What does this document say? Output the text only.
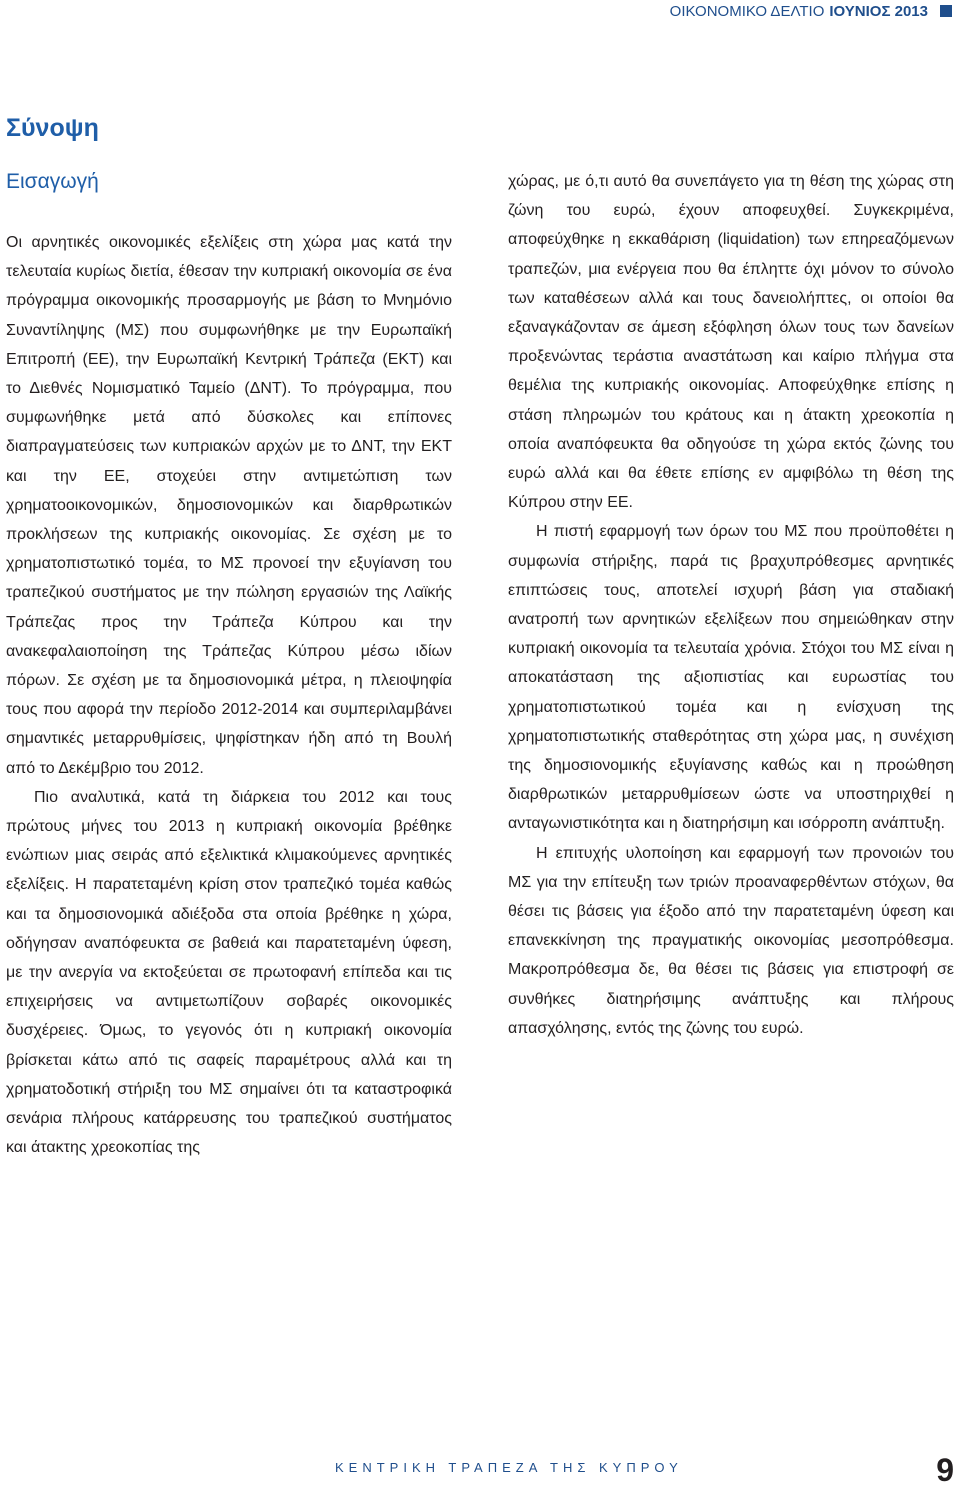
ΟΙΚΟΝΟΜΙΚΟ ΔΕΛΤΙΟ ΙΟΥΝΙΟΣ 2013
Σύνοψη
Εισαγωγή

Οι αρνητικές οικονομικές εξελίξεις στη χώρα μας κατά την τελευταία κυρίως διετία, έθεσαν την κυπριακή οικονομία σε ένα πρόγραμμα οικονομικής προσαρμογής με βάση το Μνημόνιο Συναντίληψης (ΜΣ) που συμφωνήθηκε με την Ευρωπαϊκή Επιτροπή (ΕΕ), την Ευρωπαϊκή Κεντρική Τράπεζα (ΕΚΤ) και το Διεθνές Νομισματικό Ταμείο (ΔΝΤ). Το πρόγραμμα, που συμφωνήθηκε μετά από δύσκολες και επίπονες διαπραγματεύσεις των κυπριακών αρχών με το ΔΝΤ, την ΕΚΤ και την ΕΕ, στοχεύει στην αντιμετώπιση των χρηματοοικονομικών, δημοσιονομικών και διαρθρωτικών προκλήσεων της κυπριακής οικονομίας. Σε σχέση με το χρηματοπιστωτικό τομέα, το ΜΣ προνοεί την εξυγίανση του τραπεζικού συστήματος με την πώληση εργασιών της Λαϊκής Τράπεζας προς την Τράπεζα Κύπρου και την ανακεφαλαιοποίηση της Τράπεζας Κύπρου μέσω ιδίων πόρων. Σε σχέση με τα δημοσιονομικά μέτρα, η πλειοψηφία τους που αφορά την περίοδο 2012-2014 και συμπεριλαμβάνει σημαντικές μεταρρυθμίσεις, ψηφίστηκαν ήδη από τη Βουλή από το Δεκέμβριο του 2012.

Πιο αναλυτικά, κατά τη διάρκεια του 2012 και τους πρώτους μήνες του 2013 η κυπριακή οικονομία βρέθηκε ενώπιων μιας σειράς από εξελικτικά κλιμακούμενες αρνητικές εξελίξεις. Η παρατεταμένη κρίση στον τραπεζικό τομέα καθώς και τα δημοσιονομικά αδιέξοδα στα οποία βρέθηκε η χώρα, οδήγησαν αναπόφευκτα σε βαθειά και παρατεταμένη ύφεση, με την ανεργία να εκτοξεύεται σε πρωτοφανή επίπεδα και τις επιχειρήσεις να αντιμετωπίζουν σοβαρές οικονομικές δυσχέρειες. Όμως, το γεγονός ότι η κυπριακή οικονομία βρίσκεται κάτω από τις σαφείς παραμέτρους αλλά και τη χρηματοδοτική στήριξη του ΜΣ σημαίνει ότι τα καταστροφικά σενάρια πλήρους κατάρρευσης του τραπεζικού συστήματος και άτακτης χρεοκοπίας της

χώρας, με ό,τι αυτό θα συνεπάγετο για τη θέση της χώρας στη ζώνη του ευρώ, έχουν αποφευχθεί. Συγκεκριμένα, αποφεύχθηκε η εκκαθάριση (liquidation) των επηρεαζόμενων τραπεζών, μια ενέργεια που θα έπληττε όχι μόνον το σύνολο των καταθέσεων αλλά και τους δανειολήπτες, οι οποίοι θα εξαναγκάζονταν σε άμεση εξόφληση όλων τους των δανείων προξενώντας τεράστια αναστάτωση και καίριο πλήγμα στα θεμέλια της κυπριακής οικονομίας. Αποφεύχθηκε επίσης η στάση πληρωμών του κράτους και η άτακτη χρεοκοπία η οποία αναπόφευκτα θα οδηγούσε τη χώρα εκτός ζώνης του ευρώ αλλά και θα έθετε επίσης εν αμφιβόλω τη θέση της Κύπρου στην ΕΕ.

Η πιστή εφαρμογή των όρων του ΜΣ που προϋποθέτει η συμφωνία στήριξης, παρά τις βραχυπρόθεσμες αρνητικές επιπτώσεις τους, αποτελεί ισχυρή βάση για σταδιακή ανατροπή των αρνητικών εξελίξεων που σημειώθηκαν στην κυπριακή οικονομία τα τελευταία χρόνια. Στόχοι του ΜΣ είναι η αποκατάσταση της αξιοπιστίας και ευρωστίας του χρηματοπιστωτικού τομέα και η ενίσχυση της χρηματοπιστωτικής σταθερότητας στη χώρα μας, η συνέχιση της δημοσιονομικής εξυγίανσης καθώς και η προώθηση διαρθρωτικών μεταρρυθμίσεων ώστε να υποστηριχθεί η ανταγωνιστικότητα και η διατηρήσιμη και ισόρροπη ανάπτυξη.

Η επιτυχής υλοποίηση και εφαρμογή των προνοιών του ΜΣ για την επίτευξη των τριών προαναφερθέντων στόχων, θα θέσει τις βάσεις για έξοδο από την παρατεταμένη ύφεση και επανεκκίνηση της πραγματικής οικονομίας μεσοπρόθεσμα. Μακροπρόθεσμα δε, θα θέσει τις βάσεις για επιστροφή σε συνθήκες διατηρήσιμης ανάπτυξης και πλήρους απασχόλησης, εντός της ζώνης του ευρώ.

ΚΕΝΤΡΙΚΗ ΤΡΑΠΕΖΑ ΤΗΣ ΚΥΠΡΟΥ	9
